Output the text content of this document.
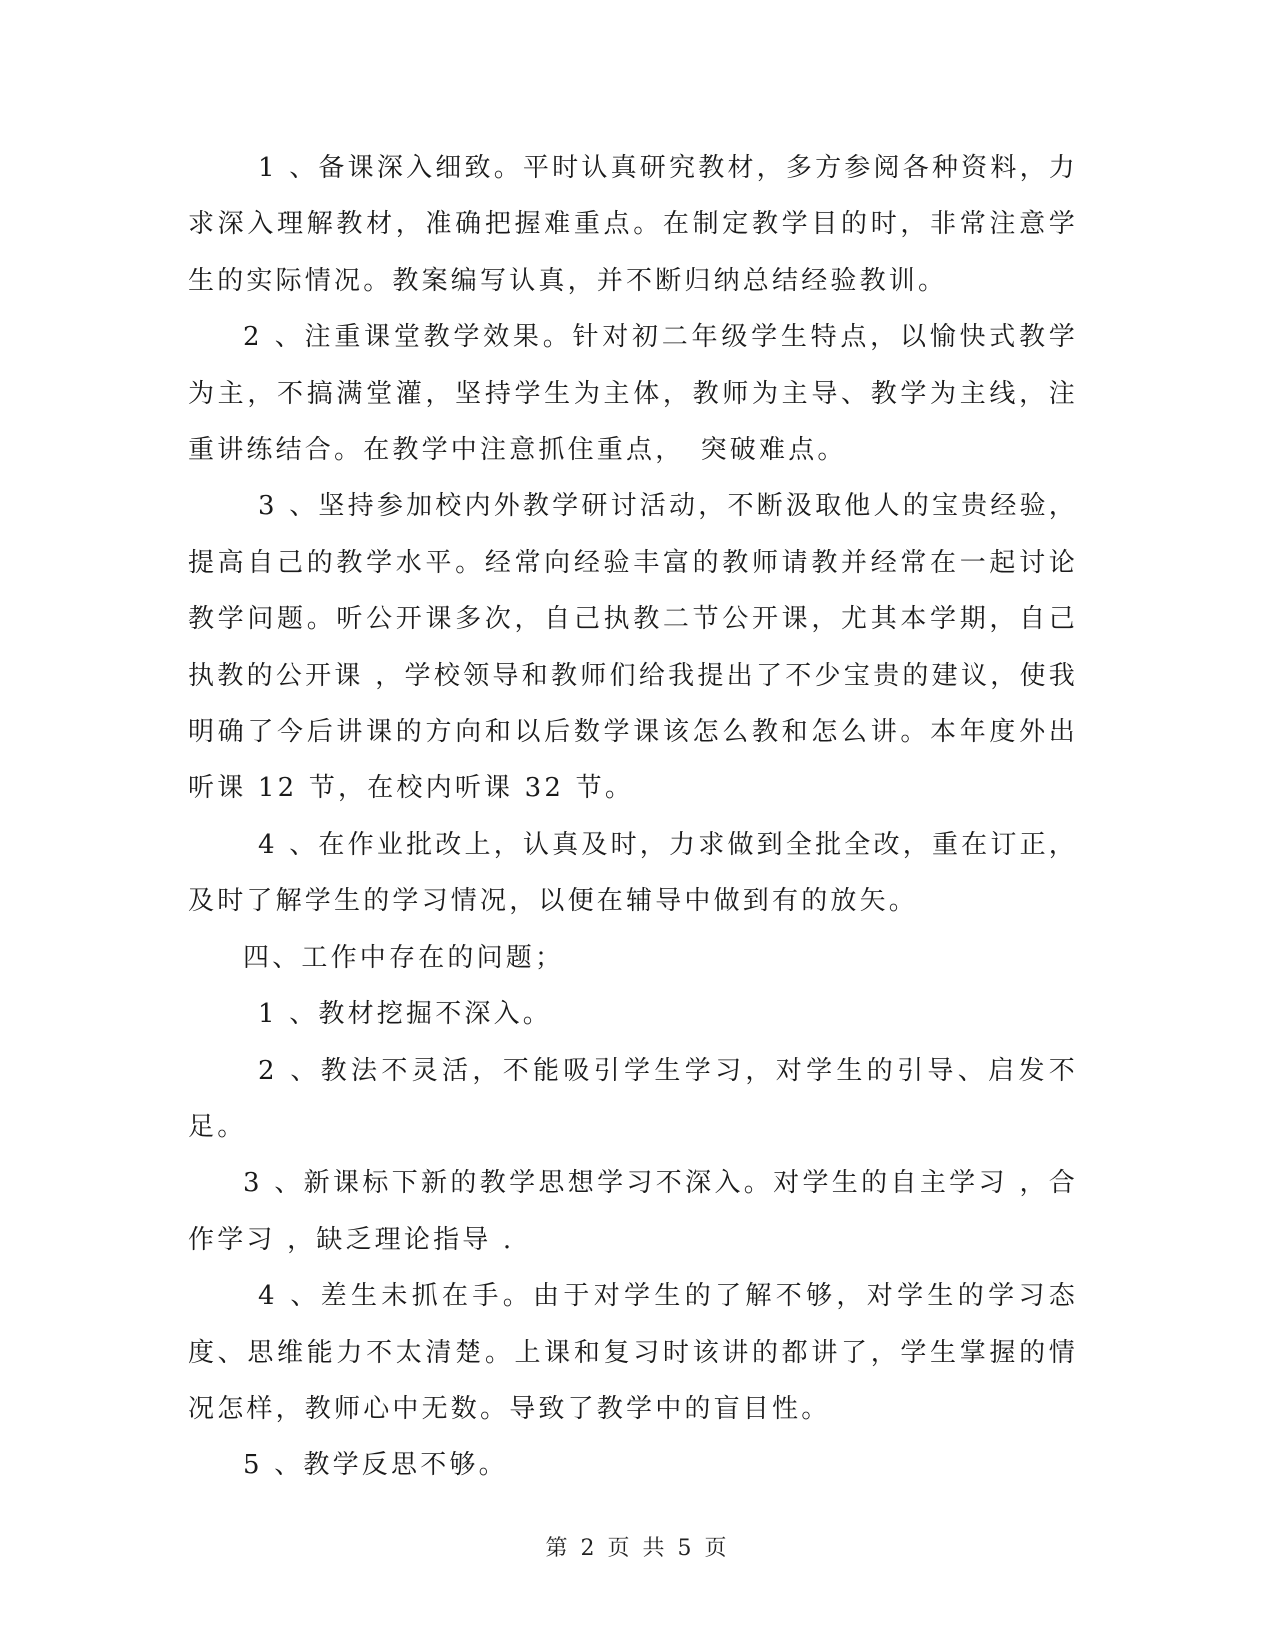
1 、备课深入细致。平时认真研究教材，多方参阅各种资料，力求深入理解教材，准确把握难重点。在制定教学目的时，非常注意学生的实际情况。教案编写认真，并不断归纳总结经验教训。

2 、注重课堂教学效果。针对初二年级学生特点，以愉快式教学为主，不搞满堂灌，坚持学生为主体，教师为主导、教学为主线，注重讲练结合。在教学中注意抓住重点，　突破难点。

3 、坚持参加校内外教学研讨活动，不断汲取他人的宝贵经验，提高自己的教学水平。经常向经验丰富的教师请教并经常在一起讨论教学问题。听公开课多次，自己执教二节公开课，尤其本学期，自己执教的公开课 ，学校领导和教师们给我提出了不少宝贵的建议，使我明确了今后讲课的方向和以后数学课该怎么教和怎么讲。本年度外出听课 12 节，在校内听课 32 节。

4 、在作业批改上，认真及时，力求做到全批全改，重在订正，及时了解学生的学习情况，以便在辅导中做到有的放矢。

四、工作中存在的问题；

1 、教材挖掘不深入。

2 、教法不灵活，不能吸引学生学习，对学生的引导、启发不足。

3 、新课标下新的教学思想学习不深入。对学生的自主学习 ，合作学习 ，缺乏理论指导 .

4 、差生未抓在手。由于对学生的了解不够，对学生的学习态度、思维能力不太清楚。上课和复习时该讲的都讲了，学生掌握的情况怎样，教师心中无数。导致了教学中的盲目性。

5 、教学反思不够。

第 2 页 共 5 页
